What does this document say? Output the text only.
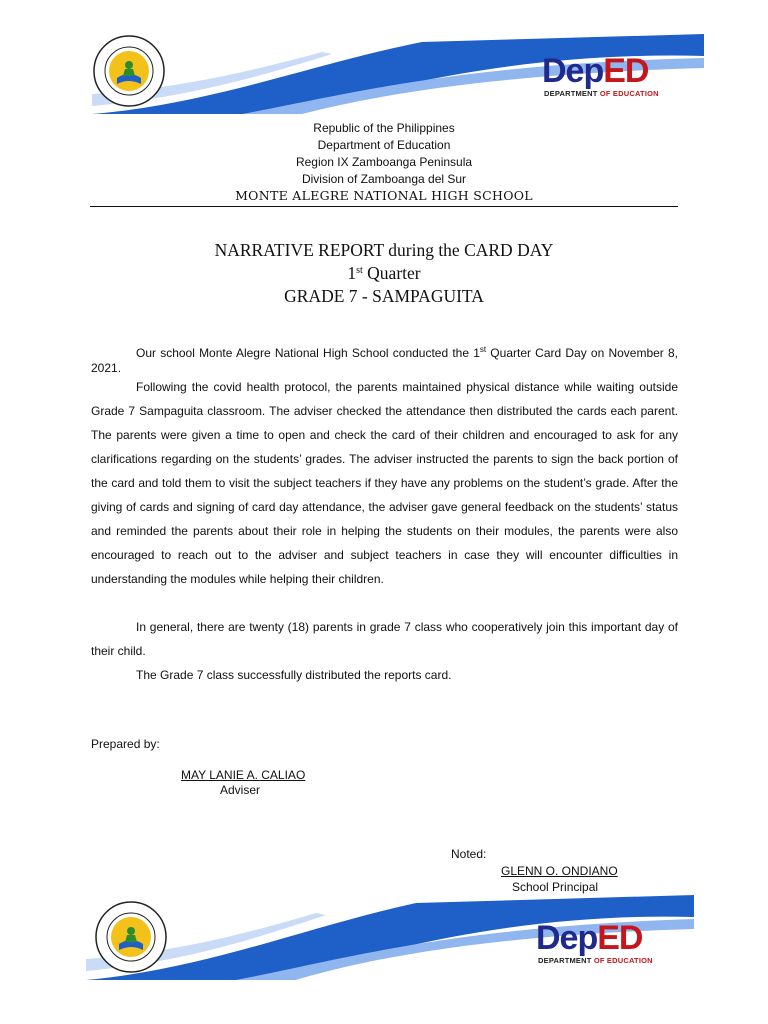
DepED
DEPARTMENT OF EDUCATION
Republic of the Philippines
Department of Education
Region IX Zamboanga Peninsula
Division of Zamboanga del Sur
MONTE ALEGRE NATIONAL HIGH SCHOOL
NARRATIVE REPORT during the CARD DAY
1st Quarter
GRADE 7 - SAMPAGUITA

Our school Monte Alegre National High School conducted the 1st Quarter Card Day on November 8, 2021.

Following the covid health protocol, the parents maintained physical distance while waiting outside Grade 7 Sampaguita classroom. The adviser checked the attendance then distributed the cards each parent. The parents were given a time to open and check the card of their children and encouraged to ask for any clarifications regarding on the students’ grades. The adviser instructed the parents to sign the back portion of the card and told them to visit the subject teachers if they have any problems on the student’s grade. After the giving of cards and signing of card day attendance, the adviser gave general feedback on the students’ status and reminded the parents about their role in helping the students on their modules, the parents were also encouraged to reach out to the adviser and subject teachers in case they will encounter difficulties in understanding the modules while helping their children.

In general, there are twenty (18) parents in grade 7 class who cooperatively join this important day of their child.

The Grade 7 class successfully distributed the reports card.

Prepared by:
MAY LANIE A. CALIAO
Adviser
Noted:
GLENN O. ONDIANO
School Principal
DepED
DEPARTMENT OF EDUCATION
